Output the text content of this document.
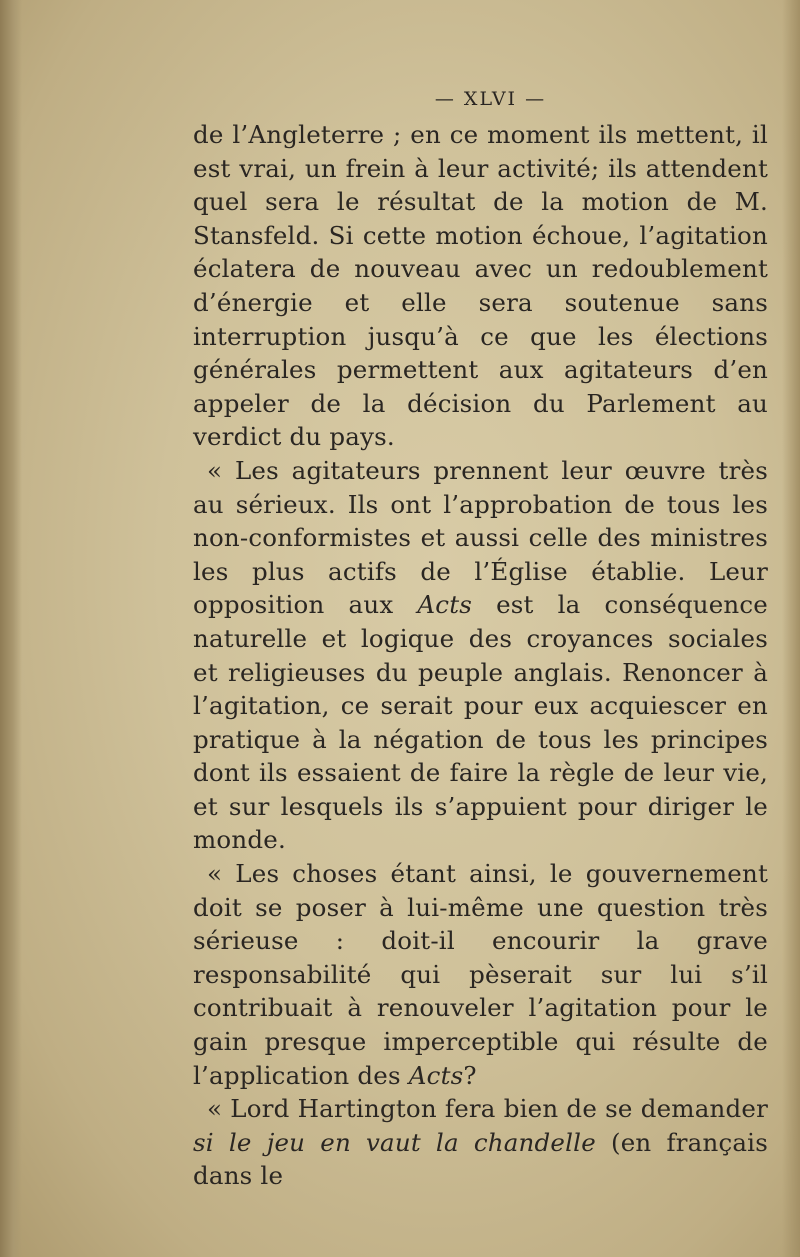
— XLVI —

de l’Angleterre ; en ce moment ils mettent, il est vrai, un frein à leur activité; ils attendent quel sera le résultat de la motion de M. Stansfeld. Si cette motion échoue, l’agitation éclatera de nouveau avec un redoublement d’énergie et elle sera soutenue sans interruption jusqu’à ce que les élections générales permettent aux agitateurs d’en appeler de la décision du Parlement au verdict du pays.

« Les agitateurs prennent leur œuvre très au sérieux. Ils ont l’approbation de tous les non-conformistes et aussi celle des ministres les plus actifs de l’Église établie. Leur opposition aux Acts est la conséquence naturelle et logique des croyances sociales et religieuses du peuple anglais. Renoncer à l’agitation, ce serait pour eux acquiescer en pratique à la négation de tous les principes dont ils essaient de faire la règle de leur vie, et sur lesquels ils s’appuient pour diriger le monde.

« Les choses étant ainsi, le gouvernement doit se poser à lui-même une question très sérieuse : doit-il encourir la grave responsabilité qui pèserait sur lui s’il contribuait à renouveler l’agitation pour le gain presque imperceptible qui résulte de l’application des Acts?

« Lord Hartington fera bien de se demander si le jeu en vaut la chandelle (en français dans le
